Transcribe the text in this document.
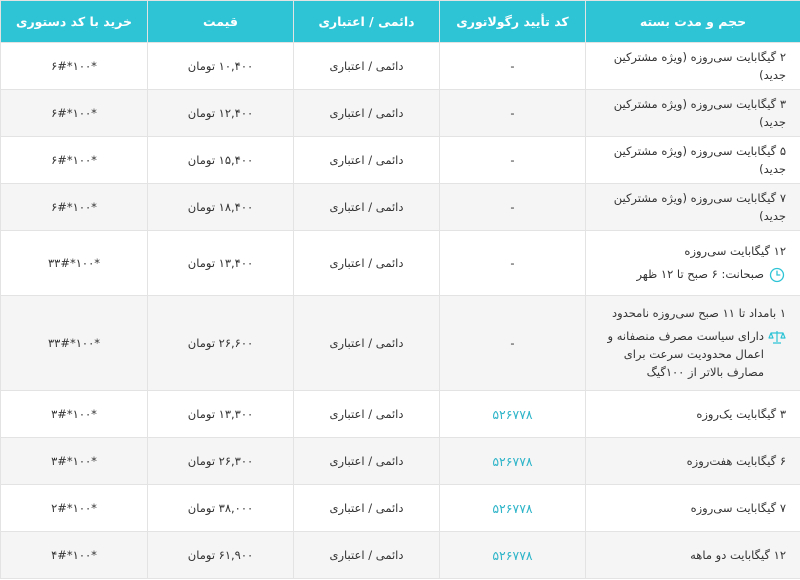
حجم و مدت بسته	کد تأیید رگولاتوری	دائمی / اعتباری	قیمت	خرید با کد دستوری
۲ گیگابایت سی‌روزه (ویژه مشترکین جدید)	-	دائمی / اعتباری	۱۰,۴۰۰ تومان	*۱۰۰*۶#
۳ گیگابایت سی‌روزه (ویژه مشترکین جدید)	-	دائمی / اعتباری	۱۲,۴۰۰ تومان	*۱۰۰*۶#
۵ گیگابایت سی‌روزه (ویژه مشترکین جدید)	-	دائمی / اعتباری	۱۵,۴۰۰ تومان	*۱۰۰*۶#
۷ گیگابایت سی‌روزه (ویژه مشترکین جدید)	-	دائمی / اعتباری	۱۸,۴۰۰ تومان	*۱۰۰*۶#

۱۲ گیگابایت سی‌روزه
صبحانت: ۶ صبح تا ۱۲ ظهر	-	دائمی / اعتباری	۱۳,۴۰۰ تومان	*۱۰۰*۳۳#

۱ بامداد تا ۱۱ صبح سی‌روزه نامحدود
دارای سیاست مصرف منصفانه و اعمال محدودیت سرعت برای مصارف بالاتر از ۱۰۰گیگ	-	دائمی / اعتباری	۲۶,۶۰۰ تومان	*۱۰۰*۳۳#
۳ گیگابایت یک‌روزه	۵۲۶۷۷۸	دائمی / اعتباری	۱۳,۳۰۰ تومان	*۱۰۰*۳#
۶ گیگابایت هفت‌روزه	۵۲۶۷۷۸	دائمی / اعتباری	۲۶,۳۰۰ تومان	*۱۰۰*۳#
۷ گیگابایت سی‌روزه	۵۲۶۷۷۸	دائمی / اعتباری	۳۸,۰۰۰ تومان	*۱۰۰*۲#
۱۲ گیگابایت دو ماهه	۵۲۶۷۷۸	دائمی / اعتباری	۶۱,۹۰۰ تومان	*۱۰۰*۴#
